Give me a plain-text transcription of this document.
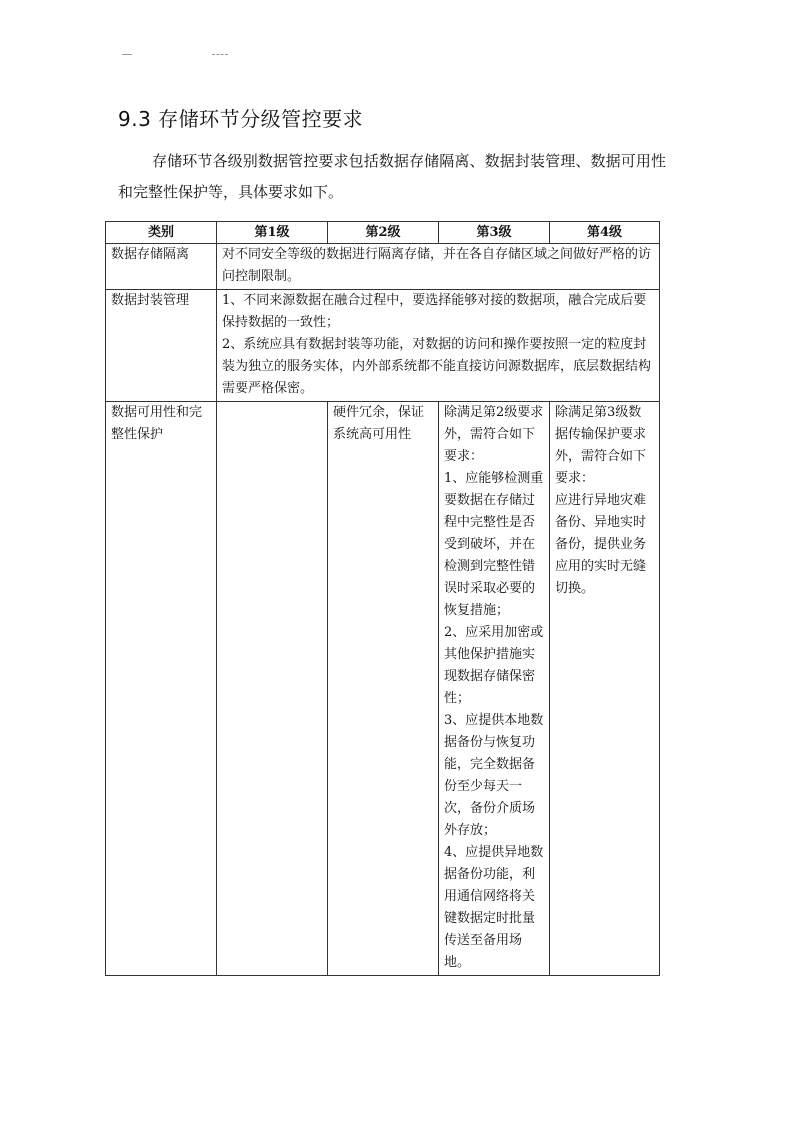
9.3 存储环节分级管控要求

存储环节各级别数据管控要求包括数据存储隔离、数据封装管理、数据可用性和完整性保护等，具体要求如下。

类别	第1级	第2级	第3级	第4级
数据存储隔离	对不同安全等级的数据进行隔离存储，并在各自存储区域之间做好严格的访问控制限制。			
数据封装管理	1、不同来源数据在融合过程中，要选择能够对接的数据项，融合完成后要保持数据的一致性；
2、系统应具有数据封装等功能，对数据的访问和操作要按照一定的粒度封装为独立的服务实体，内外部系统都不能直接访问源数据库，底层数据结构需要严格保密。			

数据可用性和完整性保护		硬件冗余，保证系统高可用性	除满足第2级要求外，需符合如下要求：
1、应能够检测重要数据在存储过程中完整性是否受到破坏，并在检测到完整性错误时采取必要的恢复措施；
2、应采用加密或其他保护措施实现数据存储保密性；
3、应提供本地数据备份与恢复功能，完全数据备份至少每天一次，备份介质场外存放；
4、应提供异地数据备份功能，利用通信网络将关键数据定时批量传送至备用场地。	除满足第3级数据传输保护要求外，需符合如下要求：
应进行异地灾难备份、异地实时备份，提供业务应用的实时无缝切换。
